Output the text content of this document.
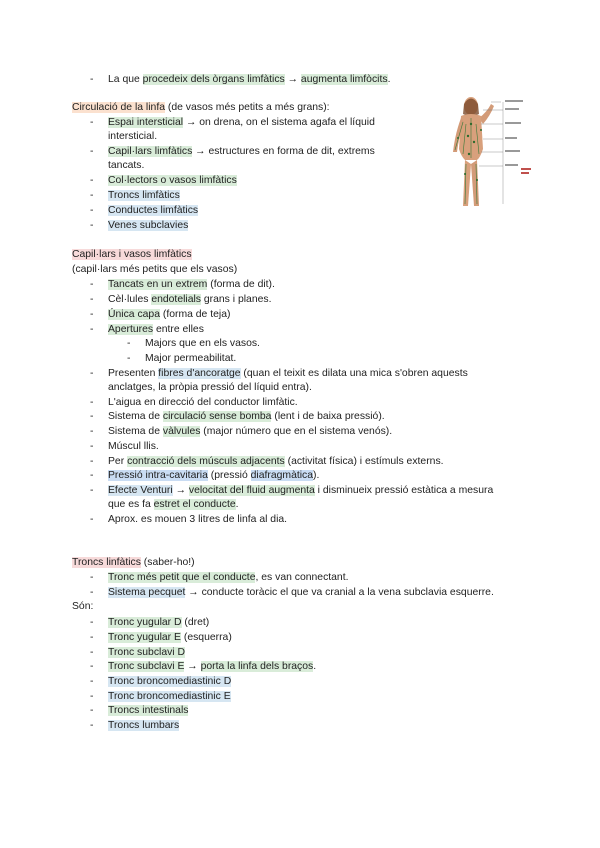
- La que procedeix dels òrgans limfàtics → augmenta limfòcits.
Circulació de la linfa (de vasos més petits a més grans):
- Espai intersticial → on drena, on el sistema agafa el líquid
intersticial.
- Capil·lars limfàtics → estructures en forma de dit, extrems
tancats.
- Col·lectors o vasos limfàtics
- Troncs limfàtics
- Conductes limfàtics
- Venes subclavies
Capil·lars i vasos limfàtics
(capil·lars més petits que els vasos)
- Tancats en un extrem (forma de dit).
- Cèl·lules endotelials grans i planes.
- Única capa (forma de teja)
- Apertures entre elles
- Majors que en els vasos.
- Major permeabilitat.
- Presenten fibres d'ancoratge (quan el teixit es dilata una mica s'obren aquests
anclatges, la pròpia pressió del líquid entra).
- L'aigua en direcció del conductor limfàtic.
- Sistema de circulació sense bomba (lent i de baixa pressió).
- Sistema de vàlvules (major número que en el sistema venós).
- Múscul llis.
- Per contracció dels músculs adjacents (activitat física) i estímuls externs.
- Pressió intra-cavitaria (pressió diafragmàtica).
- Efecte Venturi → velocitat del fluid augmenta i disminueix pressió estàtica a mesura
que es fa estret el conducte.
- Aprox. es mouen 3 litres de linfa al dia.
Troncs linfàtics (saber-ho!)
- Tronc més petit que el conducte, es van connectant.
- Sistema pecquet → conducte toràcic el que va cranial a la vena subclavia esquerre.
Són:
- Tronc yugular D (dret)
- Tronc yugular E (esquerra)
- Tronc subclavi D
- Tronc subclavi E → porta la linfa dels braços.
- Tronc broncomediastinic D
- Tronc broncomediastinic E
- Troncs intestinals
- Troncs lumbars
